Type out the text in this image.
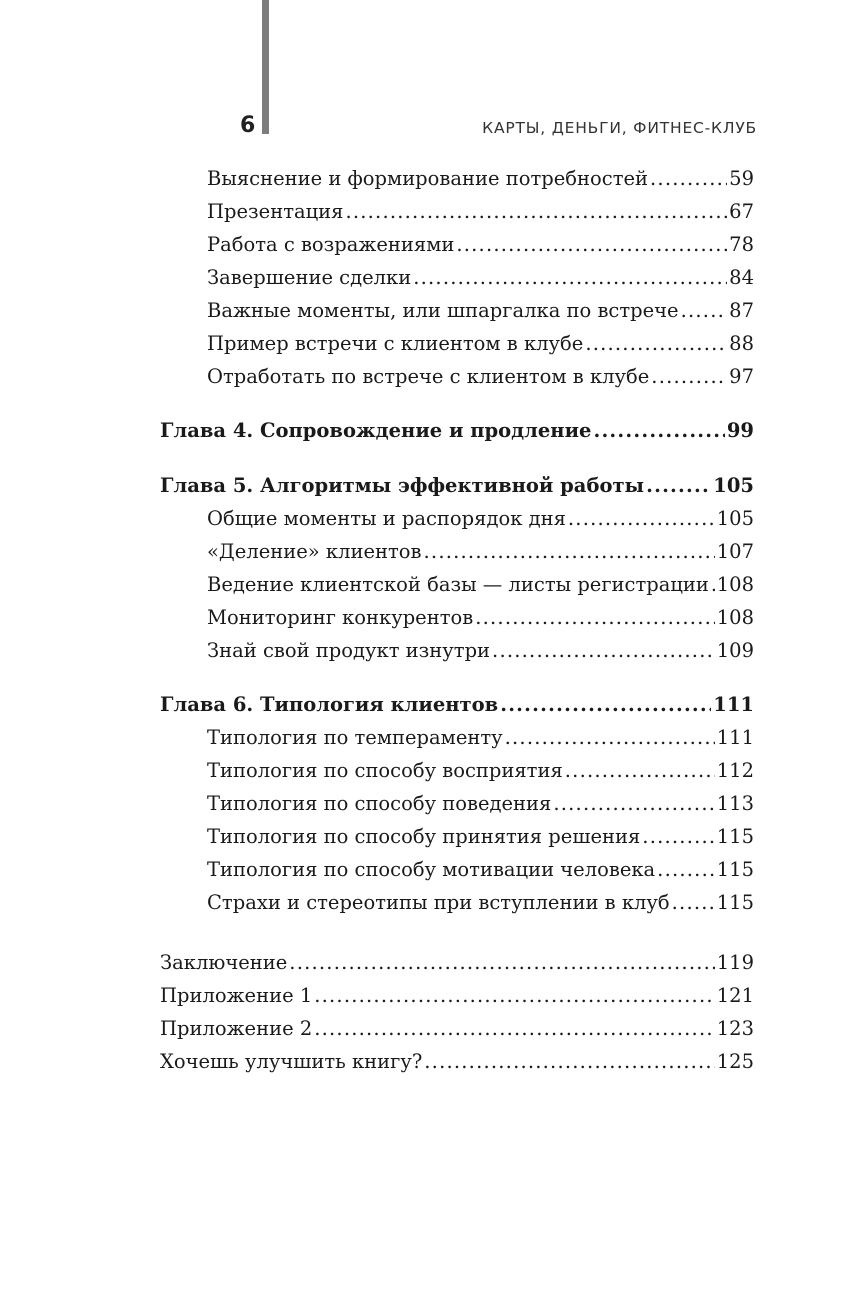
6	КАРТЫ, ДЕНЬГИ, ФИТНЕС-КЛУБ
Выяснение и формирование потребностей .....	59
Презентация .....	67
Работа с возражениями .....	78
Завершение сделки .....	84
Важные моменты, или шпаргалка по встрече .....	87
Пример встречи с клиентом в клубе .....	88
Отработать по встрече с клиентом в клубе .....	97
Глава 4. Сопровождение и продление .....	99
Глава 5. Алгоритмы эффективной работы .....	105
Общие моменты и распорядок дня .....	105
«Деление» клиентов .....	107
Ведение клиентской базы — листы регистрации ..... 108
Мониторинг конкурентов .....	108
Знай свой продукт изнутри .....	109
Глава 6. Типология клиентов .....	111
Типология по темпераменту .....	111
Типология по способу восприятия .....	112
Типология по способу поведения .....	113
Типология по способу принятия решения .....	115
Типология по способу мотивации человека .....	115
Страхи и стереотипы при вступлении в клуб ..... 115
Заключение .....	119
Приложение 1 .....	121
Приложение 2 .....	123
Хочешь улучшить книгу? .....	125
